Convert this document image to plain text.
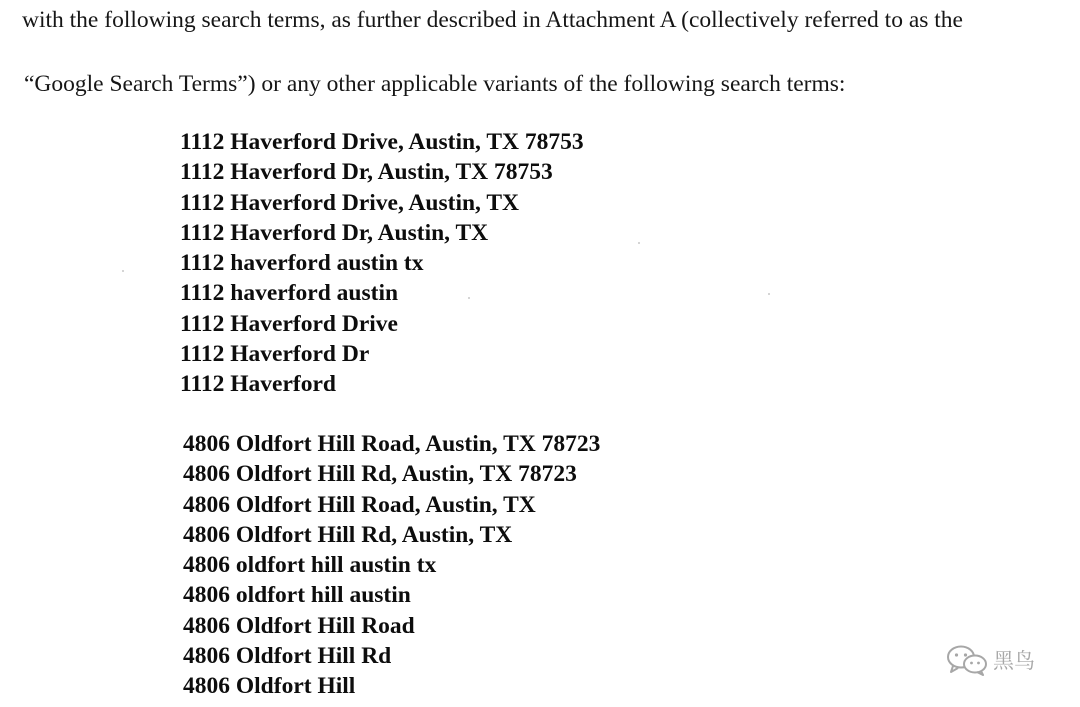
with the following search terms, as further described in Attachment A (collectively referred to as the
“Google Search Terms”) or any other applicable variants of the following search terms:
1112 Haverford Drive, Austin, TX 78753
1112 Haverford Dr, Austin, TX 78753
1112 Haverford Drive, Austin, TX
1112 Haverford Dr, Austin, TX
1112 haverford austin tx
1112 haverford austin
1112 Haverford Drive
1112 Haverford Dr
1112 Haverford
4806 Oldfort Hill Road, Austin, TX 78723
4806 Oldfort Hill Rd, Austin, TX 78723
4806 Oldfort Hill Road, Austin, TX
4806 Oldfort Hill Rd, Austin, TX
4806 oldfort hill austin tx
4806 oldfort hill austin
4806 Oldfort Hill Road
4806 Oldfort Hill Rd
4806 Oldfort Hill
黑鸟
